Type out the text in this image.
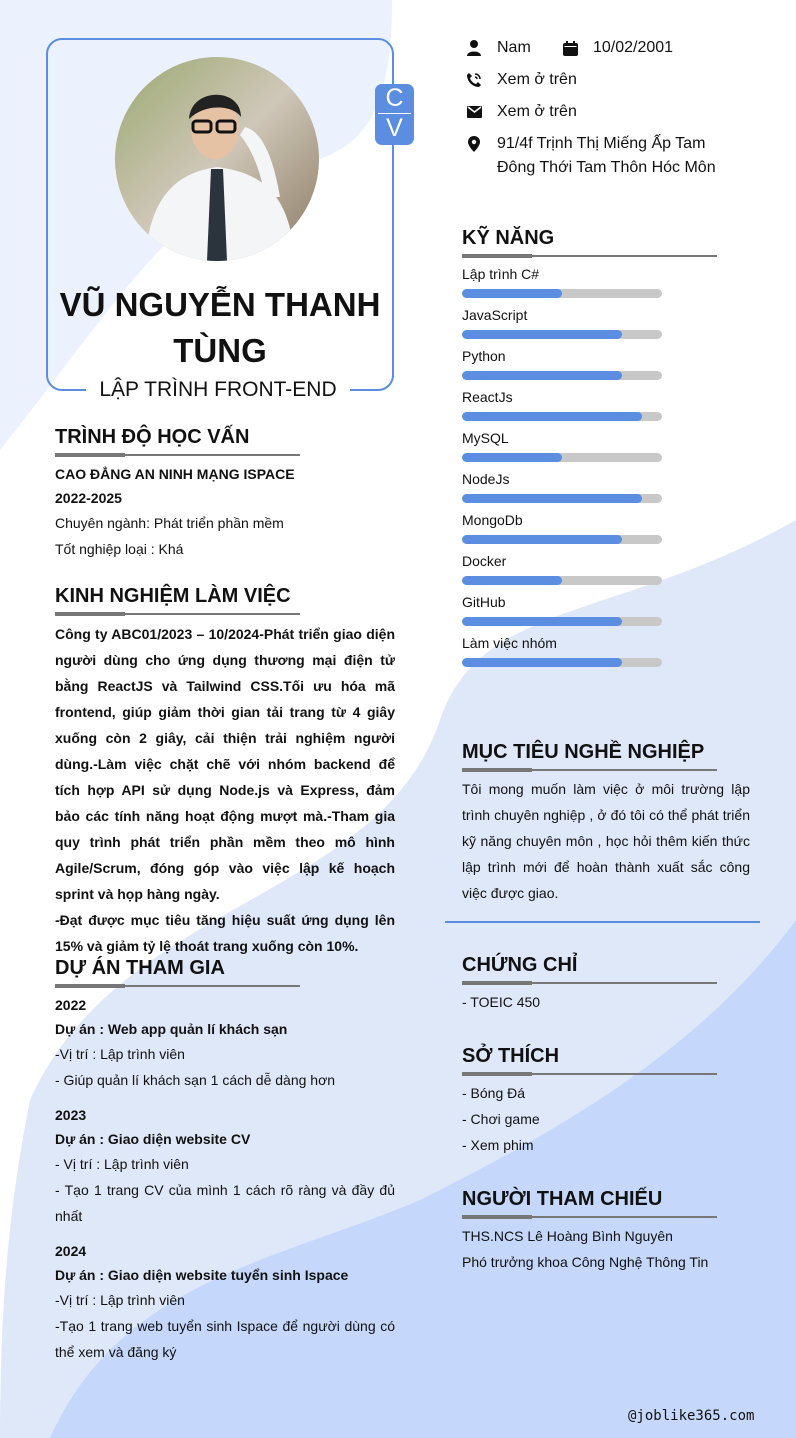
C
V
VŨ NGUYỄN THANH TÙNG
LẬP TRÌNH FRONT-END
Nam	10/02/2001
Xem ở trên
Xem ở trên
91/4f Trịnh Thị Miếng Ấp Tam Đông Thới Tam Thôn Hóc Môn
TRÌNH ĐỘ HỌC VẤN
CAO ĐẲNG AN NINH MẠNG ISPACE
2022-2025
Chuyên ngành: Phát triển phần mềm
Tốt nghiệp loại : Khá
KINH NGHIỆM LÀM VIỆC

Công ty ABC01/2023 – 10/2024-Phát triển giao diện người dùng cho ứng dụng thương mại điện tử bằng ReactJS và Tailwind CSS.Tối ưu hóa mã frontend, giúp giảm thời gian tải trang từ 4 giây xuống còn 2 giây, cải thiện trải nghiệm người dùng.-Làm việc chặt chẽ với nhóm backend để tích hợp API sử dụng Node.js và Express, đảm bảo các tính năng hoạt động mượt mà.-Tham gia quy trình phát triển phần mềm theo mô hình Agile/Scrum, đóng góp vào việc lập kế hoạch sprint và họp hàng ngày.

-Đạt được mục tiêu tăng hiệu suất ứng dụng lên 15% và giảm tỷ lệ thoát trang xuống còn 10%.

DỰ ÁN THAM GIA
2022
Dự án : Web app quản lí khách sạn
-Vị trí : Lập trình viên
- Giúp quản lí khách sạn 1 cách dễ dàng hơn
2023
Dự án : Giao diện website CV
- Vị trí : Lập trình viên
- Tạo 1 trang CV của mình 1 cách rõ ràng và đầy đủ nhất
2024
Dự án : Giao diện website tuyển sinh Ispace
-Vị trí : Lập trình viên
-Tạo 1 trang web tuyển sinh Ispace để người dùng có thể xem và đăng ký
KỸ NĂNG
Lập trình C#
JavaScript
Python
ReactJs
MySQL
NodeJs
MongoDb
Docker
GitHub
Làm việc nhóm
MỤC TIÊU NGHỀ NGHIỆP

Tôi mong muốn làm việc ở môi trường lập trình chuyên nghiệp , ở đó tôi có thể phát triển kỹ năng chuyên môn , học hỏi thêm kiến thức lập trình mới để hoàn thành xuất sắc công việc được giao.

CHỨNG CHỈ
- TOEIC 450
SỞ THÍCH
- Bóng Đá
- Chơi game
- Xem phim
NGƯỜI THAM CHIẾU
THS.NCS Lê Hoàng Bình Nguyên
Phó trưởng khoa Công Nghệ Thông Tin
@joblike365.com
